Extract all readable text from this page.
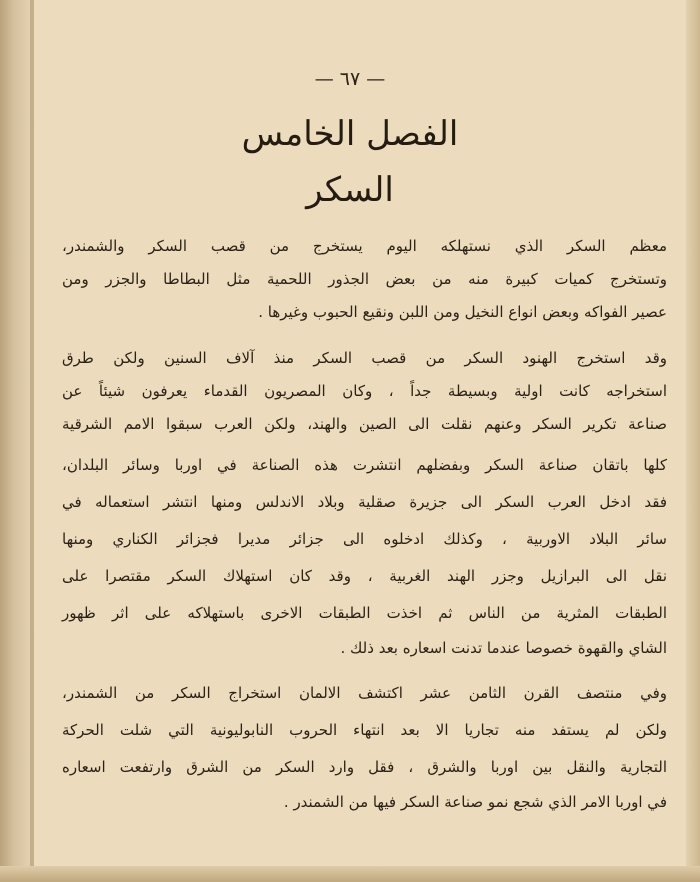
— ٦٧ —
الفصل الخامس
السكر
معظم السكر الذي نستهلكه اليوم يستخرج من قصب السكر والشمندر،
وتستخرج كميات كبيرة منه من بعض الجذور اللحمية مثل البطاطا والجزر ومن
عصير الفواكه وبعض انواع النخيل ومن اللبن ونقيع الحبوب وغيرها .
وقد استخرج الهنود السكر من قصب السكر منذ آلاف السنين ولكن طرق
استخراجه كانت اولية وبسيطة جداً ، وكان المصريون القدماء يعرفون شيئاً عن
صناعة تكرير السكر وعنهم نقلت الى الصين والهند، ولكن العرب سبقوا الامم الشرقية
كلها باتقان صناعة السكر وبفضلهم انتشرت هذه الصناعة في اوربا وسائر البلدان،
فقد ادخل العرب السكر الى جزيرة صقلية وبلاد الاندلس ومنها انتشر استعماله في
سائر البلاد الاوربية ، وكذلك ادخلوه الى جزائر مديرا فجزائر الكناري ومنها
نقل الى البرازيل وجزر الهند الغربية ، وقد كان استهلاك السكر مقتصرا على
الطبقات المثرية من الناس ثم اخذت الطبقات الاخرى باستهلاكه على اثر ظهور
الشاي والقهوة خصوصا عندما تدنت اسعاره بعد ذلك .
وفي منتصف القرن الثامن عشر اكتشف الالمان استخراج السكر من الشمندر،
ولكن لم يستفد منه تجاريا الا بعد انتهاء الحروب النابوليونية التي شلت الحركة
التجارية والنقل بين اوربا والشرق ، فقل وارد السكر من الشرق وارتفعت اسعاره
في اوربا الامر الذي شجع نمو صناعة السكر فيها من الشمندر .
